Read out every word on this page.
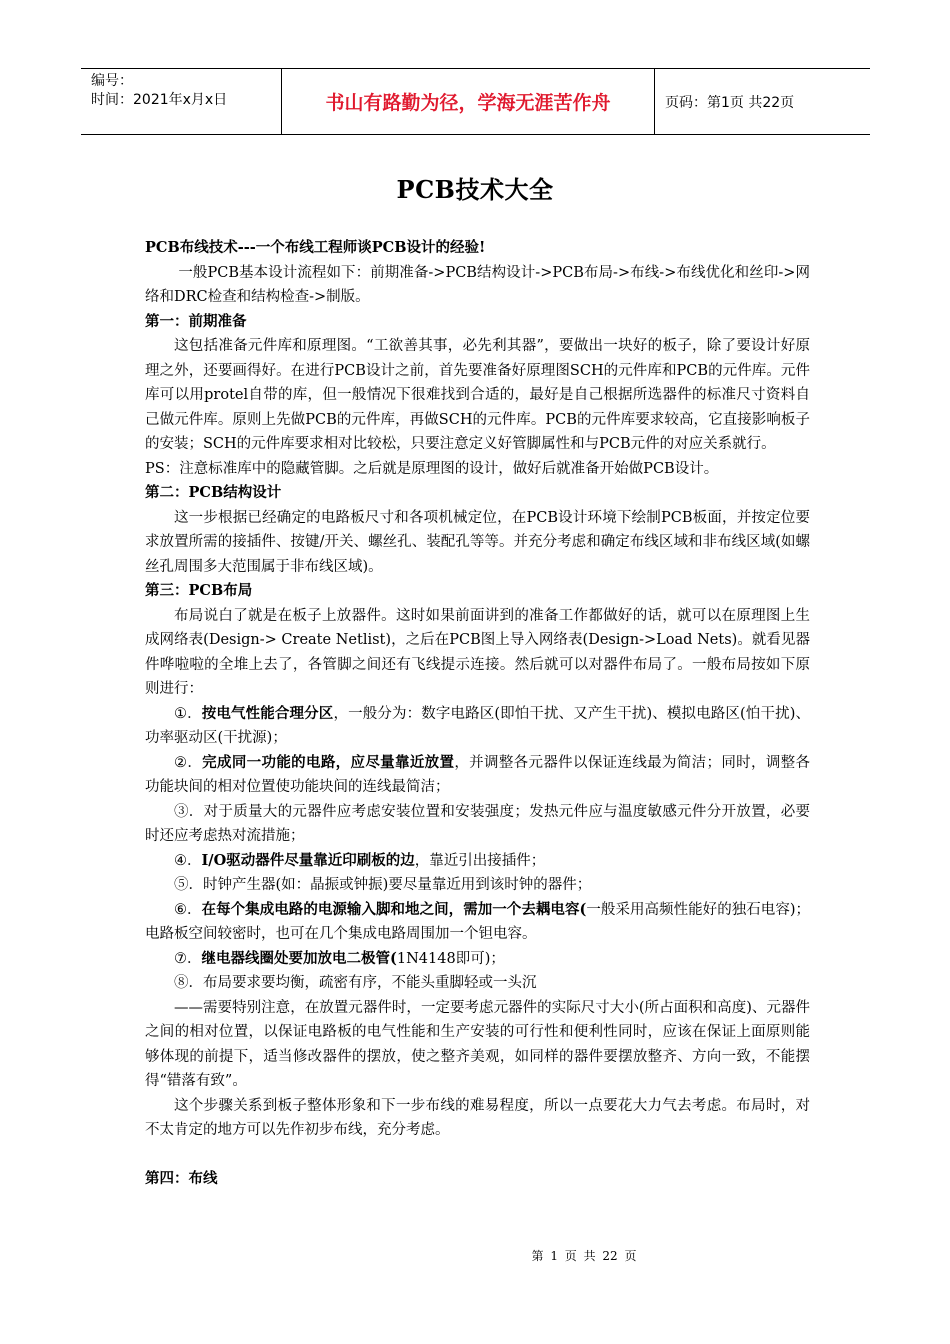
编号：
时间：2021年x月x日	书山有路勤为径，学海无涯苦作舟	页码：第1页 共22页
PCB技术大全

PCB布线技术---一个布线工程师谈PCB设计的经验!

一般PCB基本设计流程如下：前期准备->PCB结构设计->PCB布局->布线->布线优化和丝印->网络和DRC检查和结构检查->制版。

第一：前期准备

这包括准备元件库和原理图。“工欲善其事，必先利其器”，要做出一块好的板子，除了要设计好原理之外，还要画得好。在进行PCB设计之前，首先要准备好原理图SCH的元件库和PCB的元件库。元件库可以用protel自带的库，但一般情况下很难找到合适的，最好是自己根据所选器件的标准尺寸资料自己做元件库。原则上先做PCB的元件库，再做SCH的元件库。PCB的元件库要求较高，它直接影响板子的安装；SCH的元件库要求相对比较松，只要注意定义好管脚属性和与PCB元件的对应关系就行。

PS：注意标准库中的隐藏管脚。之后就是原理图的设计，做好后就准备开始做PCB设计。

第二：PCB结构设计

这一步根据已经确定的电路板尺寸和各项机械定位，在PCB设计环境下绘制PCB板面，并按定位要求放置所需的接插件、按键/开关、螺丝孔、装配孔等等。并充分考虑和确定布线区域和非布线区域(如螺丝孔周围多大范围属于非布线区域)。

第三：PCB布局

布局说白了就是在板子上放器件。这时如果前面讲到的准备工作都做好的话，就可以在原理图上生成网络表(Design-> Create Netlist)，之后在PCB图上导入网络表(Design->Load Nets)。就看见器件哗啦啦的全堆上去了，各管脚之间还有飞线提示连接。然后就可以对器件布局了。一般布局按如下原则进行：

①．按电气性能合理分区，一般分为：数字电路区(即怕干扰、又产生干扰)、模拟电路区(怕干扰)、功率驱动区(干扰源)；

②．完成同一功能的电路，应尽量靠近放置，并调整各元器件以保证连线最为简洁；同时，调整各功能块间的相对位置使功能块间的连线最简洁；

③．对于质量大的元器件应考虑安装位置和安装强度；发热元件应与温度敏感元件分开放置，必要时还应考虑热对流措施；

④．I/O驱动器件尽量靠近印刷板的边，靠近引出接插件；

⑤．时钟产生器(如：晶振或钟振)要尽量靠近用到该时钟的器件；

⑥．在每个集成电路的电源输入脚和地之间，需加一个去耦电容(一般采用高频性能好的独石电容)；电路板空间较密时，也可在几个集成电路周围加一个钽电容。

⑦．继电器线圈处要加放电二极管(1N4148即可)；

⑧．布局要求要均衡，疏密有序，不能头重脚轻或一头沉

——需要特别注意，在放置元器件时，一定要考虑元器件的实际尺寸大小(所占面积和高度)、元器件之间的相对位置，以保证电路板的电气性能和生产安装的可行性和便利性同时，应该在保证上面原则能够体现的前提下，适当修改器件的摆放，使之整齐美观，如同样的器件要摆放整齐、方向一致，不能摆得“错落有致”。

这个步骤关系到板子整体形象和下一步布线的难易程度，所以一点要花大力气去考虑。布局时，对不太肯定的地方可以先作初步布线，充分考虑。

第四：布线

第 1 页 共 22 页
